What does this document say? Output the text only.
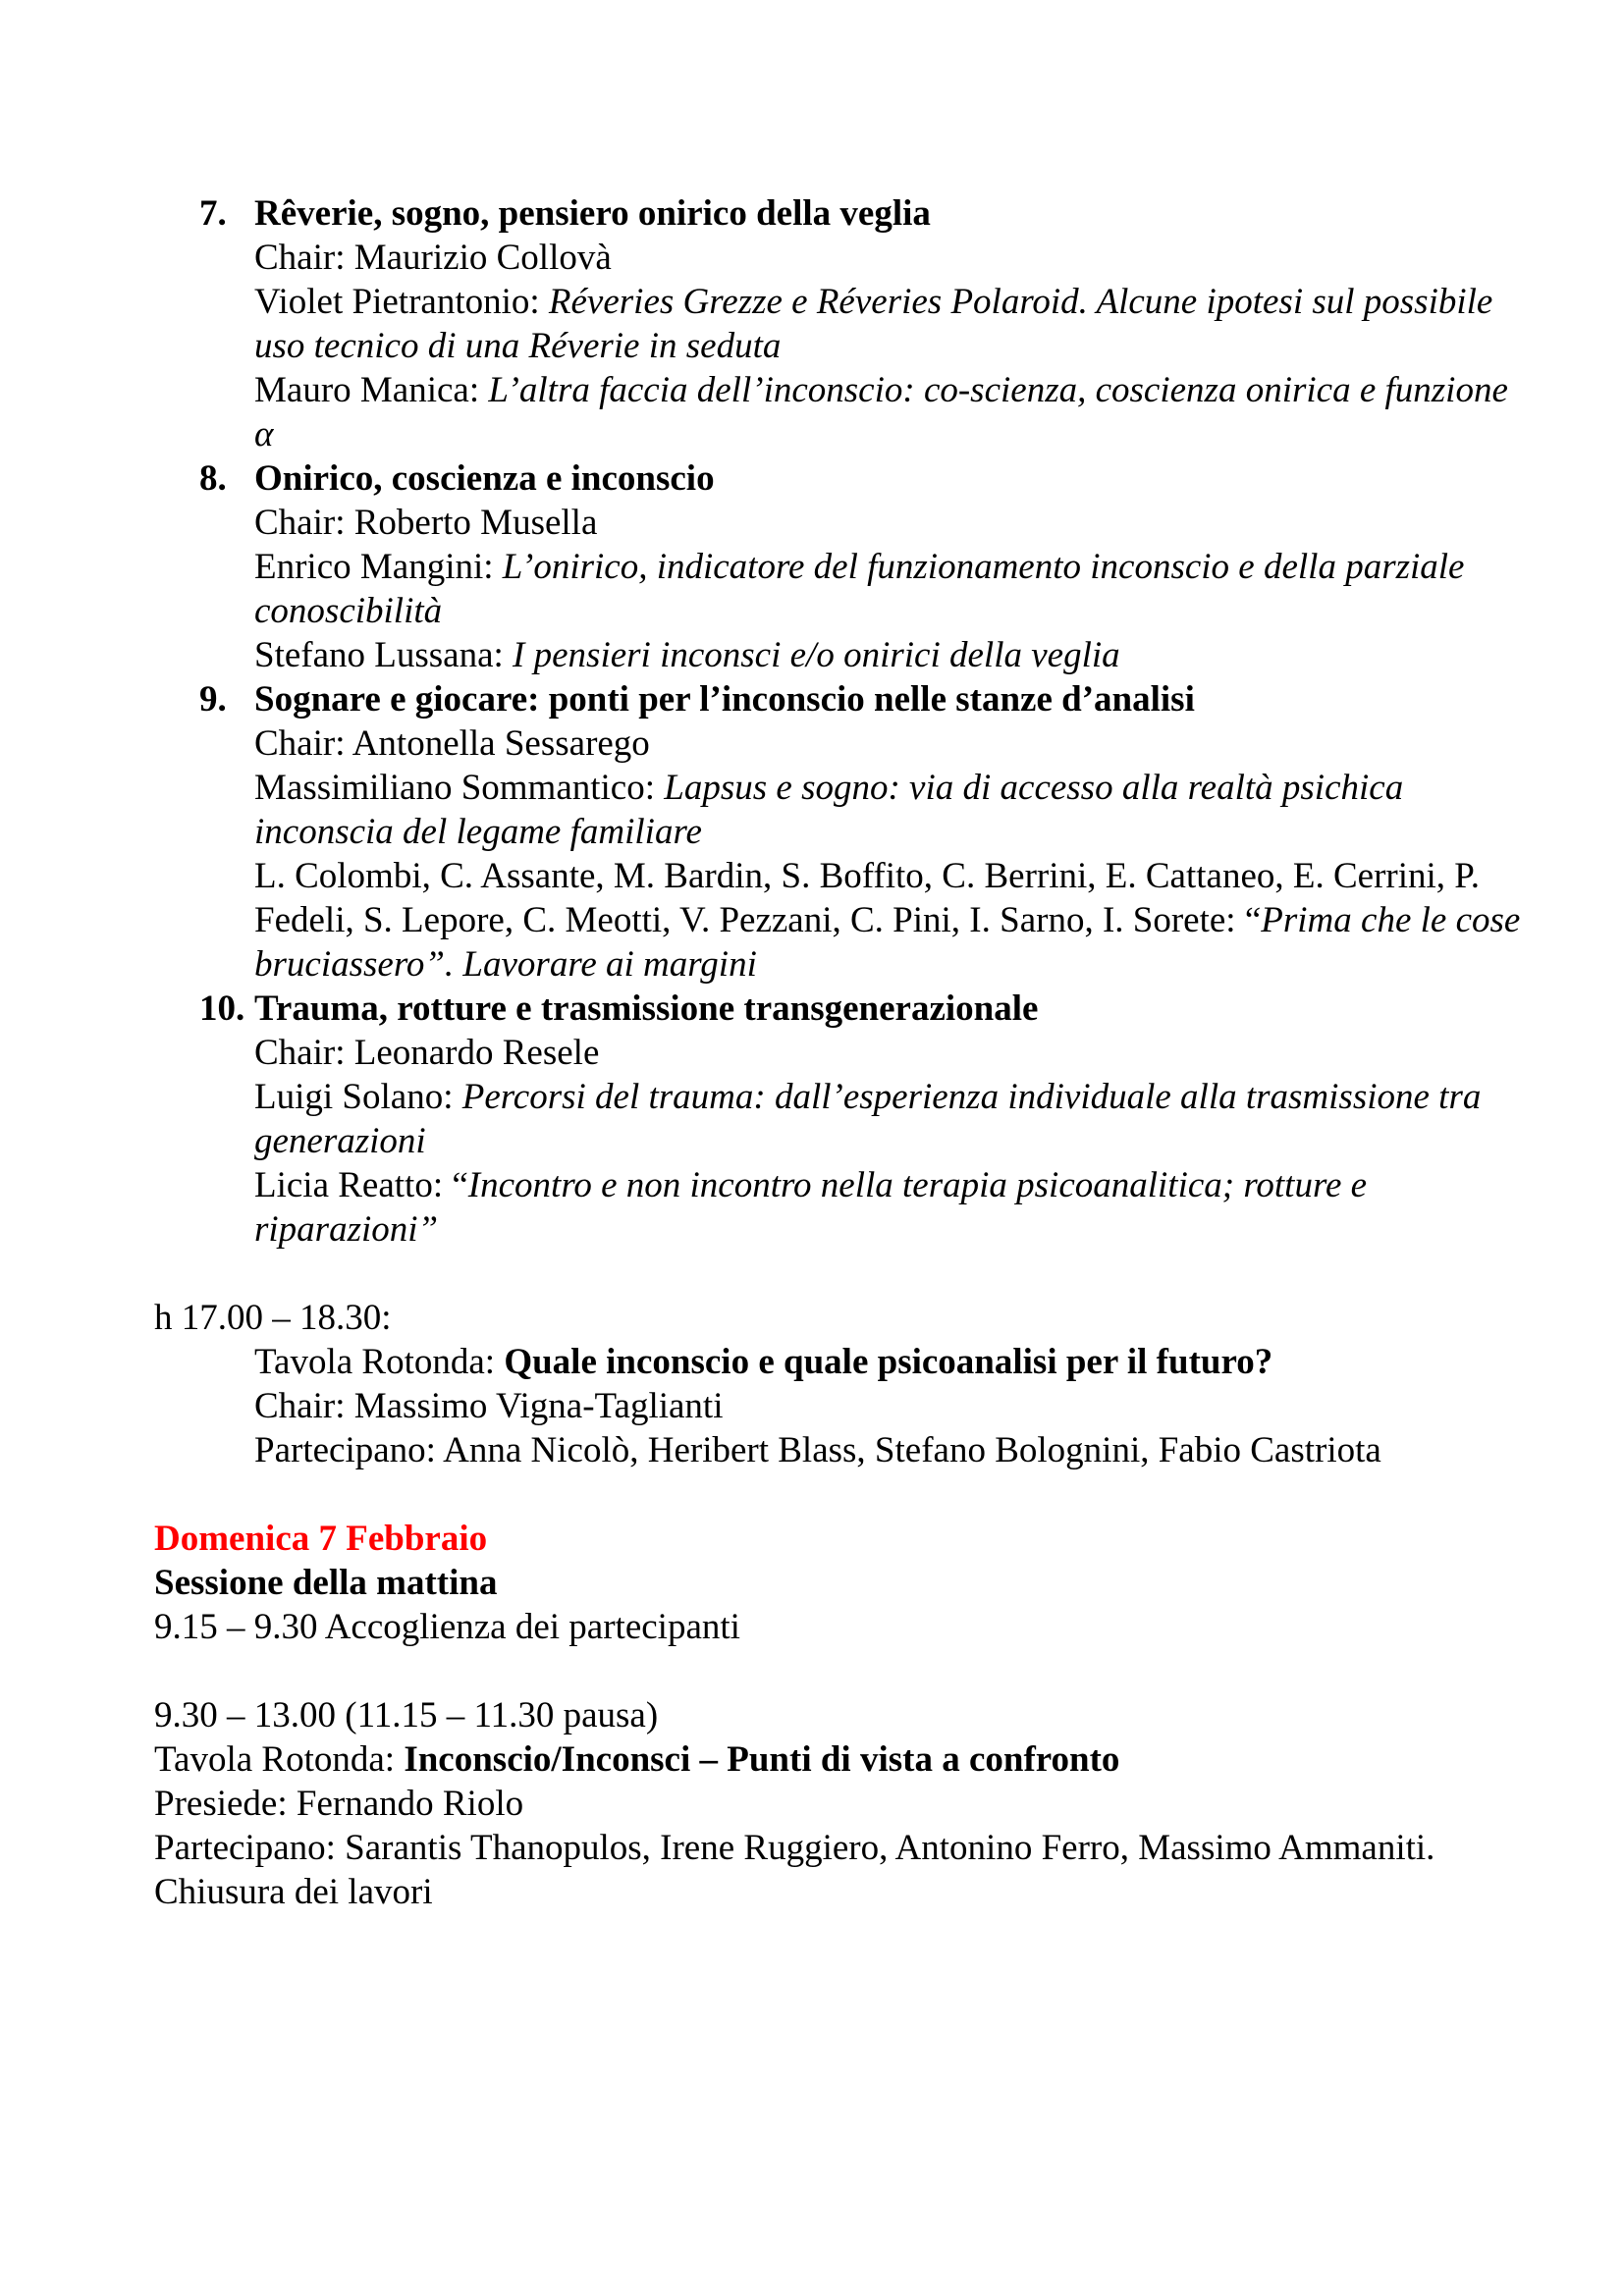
7. Rêverie, sogno, pensiero onirico della veglia
Chair: Maurizio Collovà
Violet Pietrantonio: Réveries Grezze e Réveries Polaroid. Alcune ipotesi sul possibile uso tecnico di una Réverie in seduta
Mauro Manica: L’altra faccia dell’inconscio: co-scienza, coscienza onirica e funzione α
8. Onirico, coscienza e inconscio
Chair: Roberto Musella
Enrico Mangini: L’onirico, indicatore del funzionamento inconscio e della parziale conoscibilità
Stefano Lussana: I pensieri inconsci e/o onirici della veglia
9. Sognare e giocare: ponti per l’inconscio nelle stanze d’analisi
Chair: Antonella Sessarego
Massimiliano Sommantico: Lapsus e sogno: via di accesso alla realtà psichica inconscia del legame familiare
L. Colombi, C. Assante, M. Bardin, S. Boffito, C. Berrini, E. Cattaneo, E. Cerrini, P. Fedeli, S. Lepore, C. Meotti, V. Pezzani, C. Pini, I. Sarno, I. Sorete: “Prima che le cose bruciassero”. Lavorare ai margini
10. Trauma, rotture e trasmissione transgenerazionale
Chair: Leonardo Resele
Luigi Solano: Percorsi del trauma: dall’esperienza individuale alla trasmissione tra generazioni
Licia Reatto: “Incontro e non incontro nella terapia psicoanalitica; rotture e riparazioni”
h 17.00 – 18.30:
Tavola Rotonda: Quale inconscio e quale psicoanalisi per il futuro?
Chair: Massimo Vigna-Taglianti
Partecipano: Anna Nicolò, Heribert Blass, Stefano Bolognini, Fabio Castriota
Domenica 7 Febbraio
Sessione della mattina
9.15 – 9.30 Accoglienza dei partecipanti
9.30 – 13.00 (11.15 – 11.30 pausa)
Tavola Rotonda: Inconscio/Inconsci – Punti di vista a confronto
Presiede: Fernando Riolo
Partecipano: Sarantis Thanopulos, Irene Ruggiero, Antonino Ferro, Massimo Ammaniti.
Chiusura dei lavori
